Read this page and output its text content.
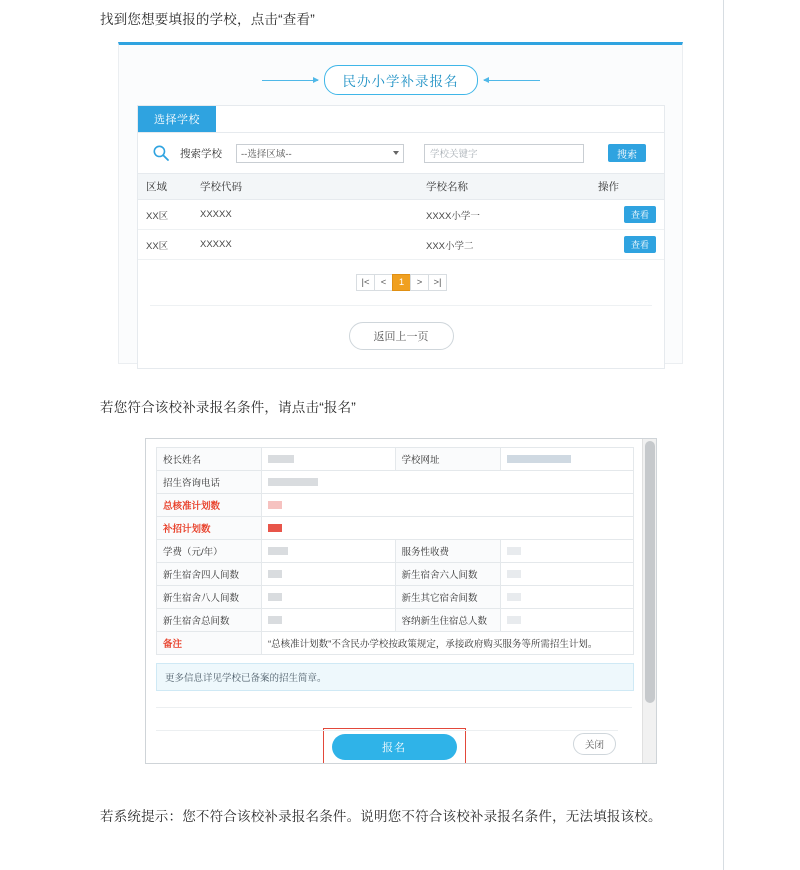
找到您想要填报的学校，点击“查看”
民办小学补录报名
选择学校
搜索学校 --选择区域--	学校关键字	搜索
区域	学校代码	学校名称	操作
XX区	XXXXX	XXXX小学一	查看
XX区	XXXXX	XXX小学二	查看
|<	<	1	>	>|
返回上一页
若您符合该校补录报名条件，请点击“报名”
校长姓名		学校网址	
招生咨询电话			
总核准计划数			
补招计划数			
学费（元/年）		服务性收费	
新生宿舍四人间数		新生宿舍六人间数	
新生宿舍八人间数		新生其它宿舍间数	
新生宿舍总间数		容纳新生住宿总人数	
备注	“总核准计划数”不含民办学校按政策规定，承接政府购买服务等所需招生计划。		
更多信息详见学校已备案的招生简章。
报名	关闭
若系统提示：您不符合该校补录报名条件。说明您不符合该校补录报名条件，无法填报该校。
